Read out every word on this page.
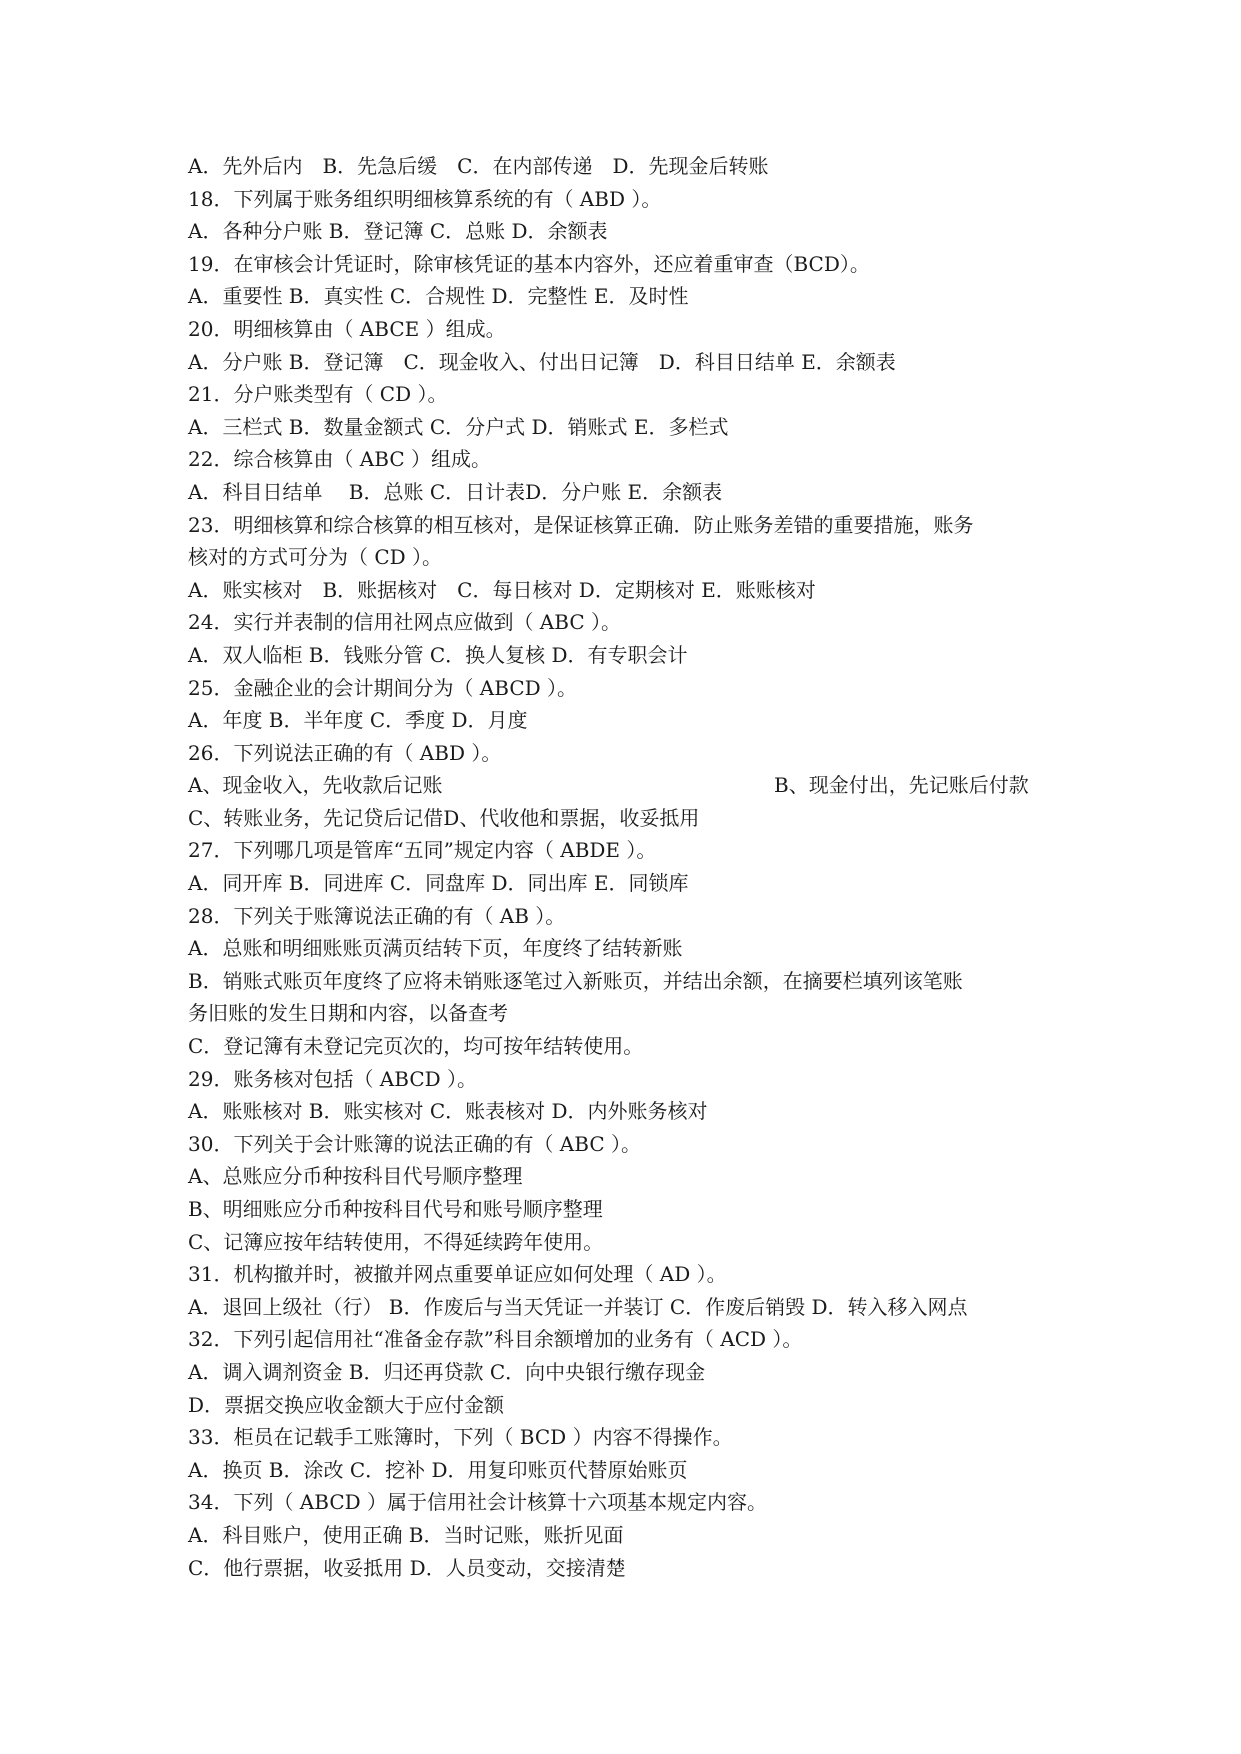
A．先外后内　B．先急后缓　C．在内部传递　D．先现金后转账
18．下列属于账务组织明细核算系统的有（ ABD ）。
A．各种分户账 B．登记簿 C．总账 D．余额表
19．在审核会计凭证时，除审核凭证的基本内容外，还应着重审查（BCD）。
A．重要性 B．真实性 C．合规性 D．完整性 E．及时性
20．明细核算由（ ABCE ）组成。
A．分户账 B．登记簿　C．现金收入、付出日记簿　D．科目日结单 E．余额表
21．分户账类型有（ CD ）。
A．三栏式 B．数量金额式 C．分户式 D．销账式 E．多栏式
22．综合核算由（ ABC ）组成。
A．科目日结单　 B．总账 C．日计表D．分户账 E．余额表
23．明细核算和综合核算的相互核对，是保证核算正确．防止账务差错的重要措施，账务
核对的方式可分为（ CD ）。
A．账实核对　B．账据核对　C．每日核对 D．定期核对 E．账账核对
24．实行并表制的信用社网点应做到（ ABC ）。
A．双人临柜 B．钱账分管 C．换人复核 D．有专职会计
25．金融企业的会计期间分为（ ABCD ）。
A．年度 B．半年度 C．季度 D．月度
26．下列说法正确的有（ ABD ）。
A、现金收入，先收款后记账	B、现金付出，先记账后付款
C、转账业务，先记贷后记借D、代收他和票据，收妥抵用
27．下列哪几项是管库“五同”规定内容（ ABDE ）。
A．同开库 B．同进库 C．同盘库 D．同出库 E．同锁库
28．下列关于账簿说法正确的有（ AB ）。
A．总账和明细账账页满页结转下页，年度终了结转新账
B．销账式账页年度终了应将未销账逐笔过入新账页，并结出余额，在摘要栏填列该笔账
务旧账的发生日期和内容，以备查考
C．登记簿有未登记完页次的，均可按年结转使用。
29．账务核对包括（ ABCD ）。
A．账账核对 B．账实核对 C．账表核对 D．内外账务核对
30．下列关于会计账簿的说法正确的有（ ABC ）。
A、总账应分币种按科目代号顺序整理
B、明细账应分币种按科目代号和账号顺序整理
C、记簿应按年结转使用，不得延续跨年使用。
31．机构撤并时，被撤并网点重要单证应如何处理（ AD ）。
A．退回上级社（行） B．作废后与当天凭证一并装订 C．作废后销毁 D．转入移入网点
32．下列引起信用社“准备金存款”科目余额增加的业务有（ ACD ）。
A．调入调剂资金 B．归还再贷款 C．向中央银行缴存现金
D．票据交换应收金额大于应付金额
33．柜员在记载手工账簿时，下列（ BCD ）内容不得操作。
A．换页 B．涂改 C．挖补 D．用复印账页代替原始账页
34．下列（ ABCD ）属于信用社会计核算十六项基本规定内容。
A．科目账户，使用正确 B．当时记账，账折见面
C．他行票据，收妥抵用 D．人员变动，交接清楚
